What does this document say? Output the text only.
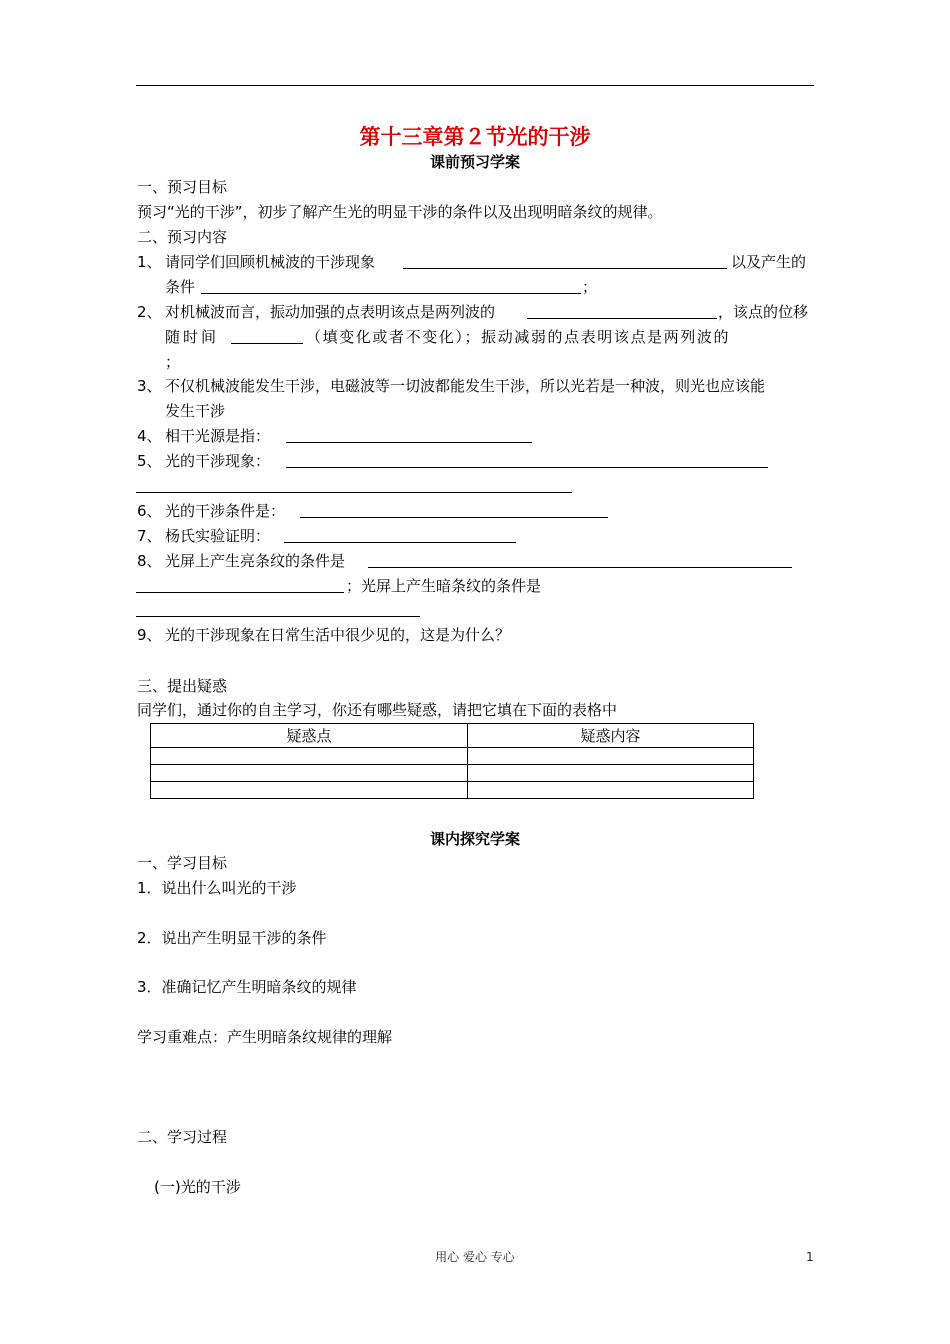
第十三章第２节光的干涉
课前预习学案
一、预习目标
预习“光的干涉”，初步了解产生光的明显干涉的条件以及出现明暗条纹的规律。
二、预习内容
1、 请同学们回顾机械波的干涉现象	以及产生的
条件	；
2、 对机械波而言，振动加强的点表明该点是两列波的	，该点的位移
随时间	（填变化或者不变化）；振动减弱的点表明该点是两列波的
；
3、 不仅机械波能发生干涉，电磁波等一切波都能发生干涉，所以光若是一种波，则光也应该能
发生干涉
4、 相干光源是指：
5、 光的干涉现象：
6、 光的干涉条件是：
7、 杨氏实验证明：
8、 光屏上产生亮条纹的条件是
；光屏上产生暗条纹的条件是
9、 光的干涉现象在日常生活中很少见的，这是为什么？
三、提出疑惑
同学们，通过你的自主学习，你还有哪些疑惑，请把它填在下面的表格中
疑惑点	疑惑内容

课内探究学案
一、学习目标
1．说出什么叫光的干涉
2．说出产生明显干涉的条件
3．准确记忆产生明暗条纹的规律
学习重难点：产生明暗条纹规律的理解
二、学习过程
(一)光的干涉
用心 爱心 专心	1
